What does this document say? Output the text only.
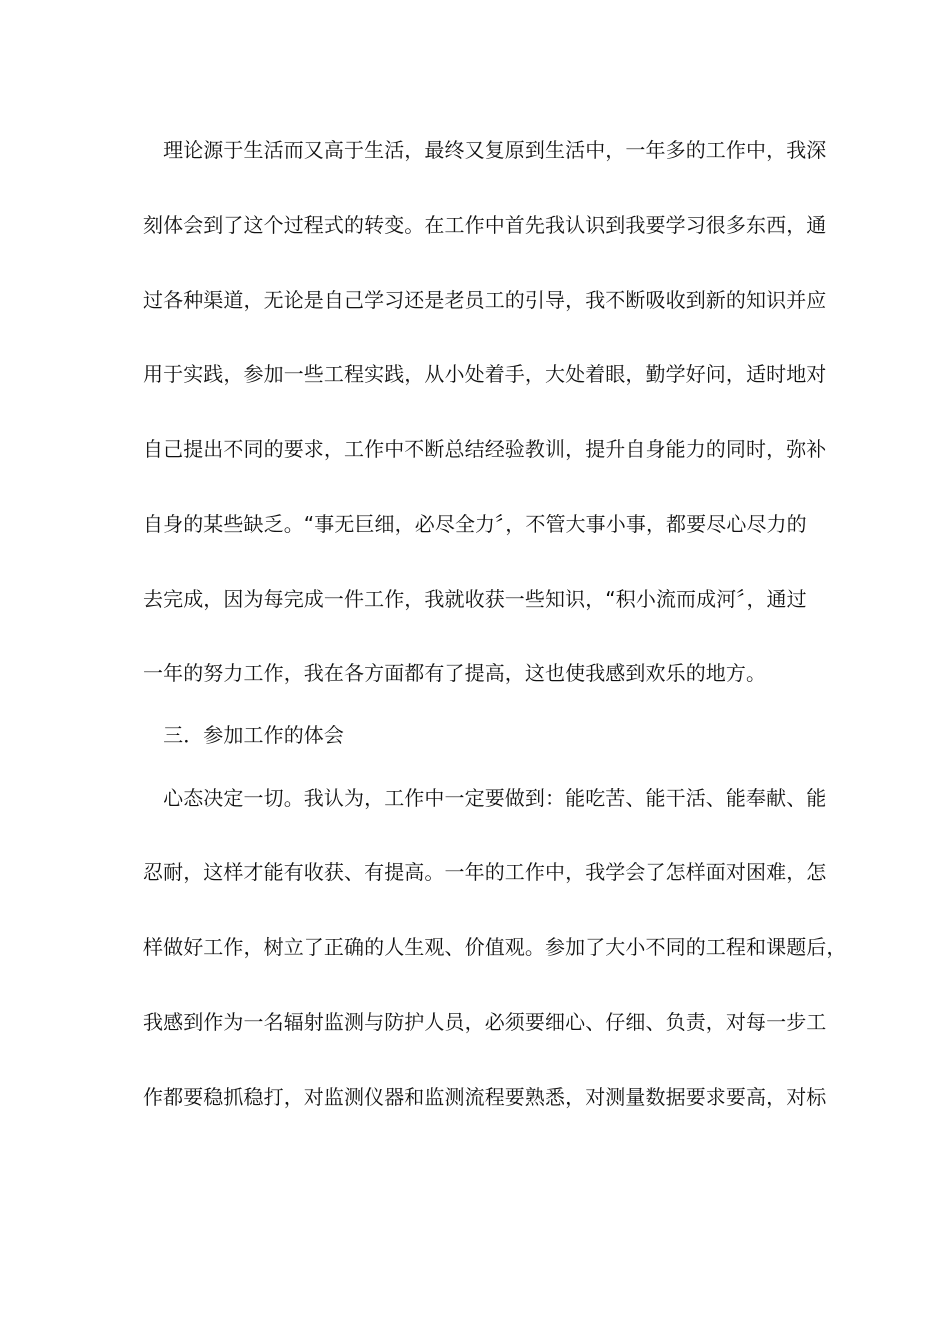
　理论源于生活而又高于生活，最终又复原到生活中，一年多的工作中，我深
刻体会到了这个过程式的转变。在工作中首先我认识到我要学习很多东西，通
过各种渠道，无论是自己学习还是老员工的引导，我不断吸收到新的知识并应
用于实践，参加一些工程实践，从小处着手，大处着眼，勤学好问，适时地对
自己提出不同的要求，工作中不断总结经验教训，提升自身能力的同时，弥补
自身的某些缺乏。“事无巨细，必尽全力〞，不管大事小事，都要尽心尽力的
去完成，因为每完成一件工作，我就收获一些知识，“积小流而成河〞，通过
一年的努力工作，我在各方面都有了提高，这也使我感到欢乐的地方。
　三．参加工作的体会
　心态决定一切。我认为，工作中一定要做到：能吃苦、能干活、能奉献、能
忍耐，这样才能有收获、有提高。一年的工作中，我学会了怎样面对困难，怎
样做好工作，树立了正确的人生观、价值观。参加了大小不同的工程和课题后，
我感到作为一名辐射监测与防护人员，必须要细心、仔细、负责，对每一步工
作都要稳抓稳打，对监测仪器和监测流程要熟悉，对测量数据要求要高，对标
